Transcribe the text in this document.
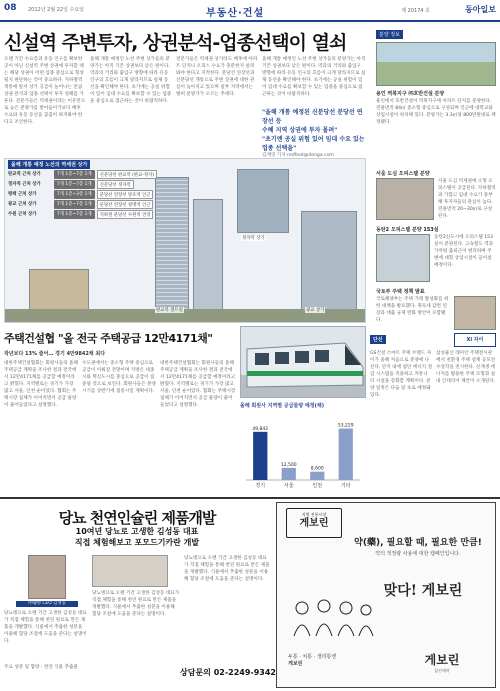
08 2012년 2월 22일 수요일	부동산·건설	제 20174 호	동아일보
신설역 주변투자, 상권분석-업종선택이 열쇠

오랜 기간 수요층과 유동 인구를 확보한 곳이 아닌 신설역 주변 상권에 투자할 때는 해당 상권이 어떤 업종 중심으로 형성될지 판단하는 것이 중요하다. 지하철역 개통에 앞서 상가 공급이 늘어나는 만큼 상권 분석과 업종 선택이 투자 성패를 가른다. 전문가들은 역세권이라는 이유만으로 높은 분양가를 받아들이기보다 배후 수요와 유동 동선을 꼼꼼히 따져봐야 한다고 조언한다.

올해 개통 예정인 노선 주변 상가들의 분양가는 아직 기존 상권보다 낮은 편이다. 역과의 거리와 출입구 방향에 따라 유동 인구의 흐름이 크게 달라지므로 실제 동선을 확인해야 한다. 초기에는 공실 위험이 있어 임대 수요를 확보할 수 있는 업종을 중심으로 접근하는 것이 바람직하다.

전문가들은 역세권 상가라도 배후에 아파트 단지나 오피스 수요가 충분한지 살펴봐야 한다고 지적한다. 분당선 연장선과 신분당선 개통으로 주변 상권에 대한 관심이 높아지고 있으며 일부 지역에서는 벌써 분양가가 오르는 추세다.

올해 개통 예정인 노선 주변 상가들의 분양가는 아직 기존 상권보다 낮은 편이다. 역과의 거리와 출입구 방향에 따라 유동 인구의 흐름이 크게 달라지므로 실제 동선을 확인해야 한다. 초기에는 공실 위험이 있어 임대 수요를 확보할 수 있는 업종을 중심으로 접근하는 것이 바람직하다.

"올해 개통 예정된 신분당선 분당선 연장선 등
수혜 지역 상권에 투자 몰려"
"초기엔 공실 위험 있어 임대 수요 있는 업종 선택을"
김재영 기자 redfoot@donga.com
판교역 센트럴
정자역 상가
광교 상가
올해 개통 예정 노선의 역세권 상가
판교역 근처 상가	7개 1층~7층 1개	신분당선 판교역 (판교-정자)
정자역 근처 상가	7개 1층~7층 1개	신분당선 정자역
평택 근처 상가	7개 1층~3층 1개	분당선 연장선 망포역 인근
광교 근처 상가	7개 1층~7층 1개	분당선 연장선 청명역 인근
수원 근처 상가	7개 1층~7층 1개	지하철 분당선 수원역 연장
주택건설협 "올 전국 주택공급 12만4171채"
작년보다 13% 줄어… 경기 4만9842채 최다

대한주택건설협회는 회원사들의 올해 주택공급 계획을 조사한 결과 전국에서 12만4171채를 공급할 예정이라고 밝혔다. 지역별로는 경기가 가장 많고 서울, 인천 순이었다. 협회는 주택시장 침체가 이어지면서 공급 물량이 줄어들었다고 설명했다.

수도권에서는 중소형 주택 중심으로 공급이 이뤄질 전망이며 지방은 세종시와 혁신도시를 중심으로 공급이 집중될 것으로 보인다. 회원사들은 분양 시기를 상반기에 집중시킬 계획이다.

대한주택건설협회는 회원사들의 올해 주택공급 계획을 조사한 결과 전국에서 12만4171채를 공급할 예정이라고 밝혔다. 지역별로는 경기가 가장 많고 서울, 인천 순이었다. 협회는 주택시장 침체가 이어지면서 공급 물량이 줄어들었다고 설명했다.	올해 회원사 지역별 공급물량 예정(채)
49,842
경기
12,500
서울
8,600
인천
53,229
기타
분양 정보
용인 역북지구 ㈜호반건설 분양

용인에서 호반건설이 역북지구에 아파트 단지를 분양한다. 전용면적 84㎡ 중소형 중심으로 구성되며 인근에 대학교와 상업시설이 위치해 있다. 분양가는 3.3㎡당 800만원대로 책정됐다.

서울 도심 오피스텔 분양

서울 도심 역세권에 소형 오피스텔이 공급된다. 지하철역과 가깝고 임대 수요가 풍부해 투자자들의 관심이 높다. 전용면적 20~30㎡로 구성된다.

동탄2 오피스텔 분양 153실

동탄2신도시에 오피스텔 153실이 분양된다. 고속철도 역과 가까워 출퇴근이 편리하며 주변에 대형 상업시설이 들어설 예정이다.

국토부 주택 정책 발표

국토해양부는 주택 거래 활성화를 위한 대책을 발표했다. 취득세 감면 연장과 대출 규제 완화 방안이 포함됐다.

단신	Xi 자이

GS건설 스마트 주택 브랜드 자이가 올해 처음으로 분양에 나선다. 단지 내에 첨단 에너지 절감 시스템을 적용하고 커뮤니티 시설을 강화할 계획이다. 분양 일정은 다음 달 초로 예정돼 있다.

삼성물산 래미안 주택전시관에서 친환경 주택 설계 공모전 수상작을 전시한다. 신재생 에너지를 활용한 주택 모형과 실내 인테리어 제안이 소개된다.

당뇨 천연인슐린 제품개발
10여년 당뇨로 고생한 김성동 대표
직접 체험해보고 포모드기카란 개발
㈜웰빙 CEO 김성동

당뇨병으로 오랜 기간 고생한 김성동 대표가 직접 체험을 통해 천연 원료로 만든 제품을 개발했다. 식물에서 추출한 성분을 이용해 혈당 조절에 도움을 준다는 설명이다.

당뇨병으로 오랜 기간 고생한 김성동 대표가 직접 체험을 통해 천연 원료로 만든 제품을 개발했다. 식물에서 추출한 성분을 이용해 혈당 조절에 도움을 준다는 설명이다.

당뇨병으로 오랜 기간 고생한 김성동 대표가 직접 체험을 통해 천연 원료로 만든 제품을 개발했다. 식물에서 추출한 성분을 이용해 혈당 조절에 도움을 준다는 설명이다.

주요 성분 및 함량 : 천연 식물 추출물
상담문의 02-2249-9342
지역 전통시장
게보린
약(藥), 필요할 때, 필요한 만큼!
약의 적정량 사용에 대한 캠페인입니다.
맞다! 게보린
두통 · 치통 · 생리통엔
게보린	게보린
삼진제약
